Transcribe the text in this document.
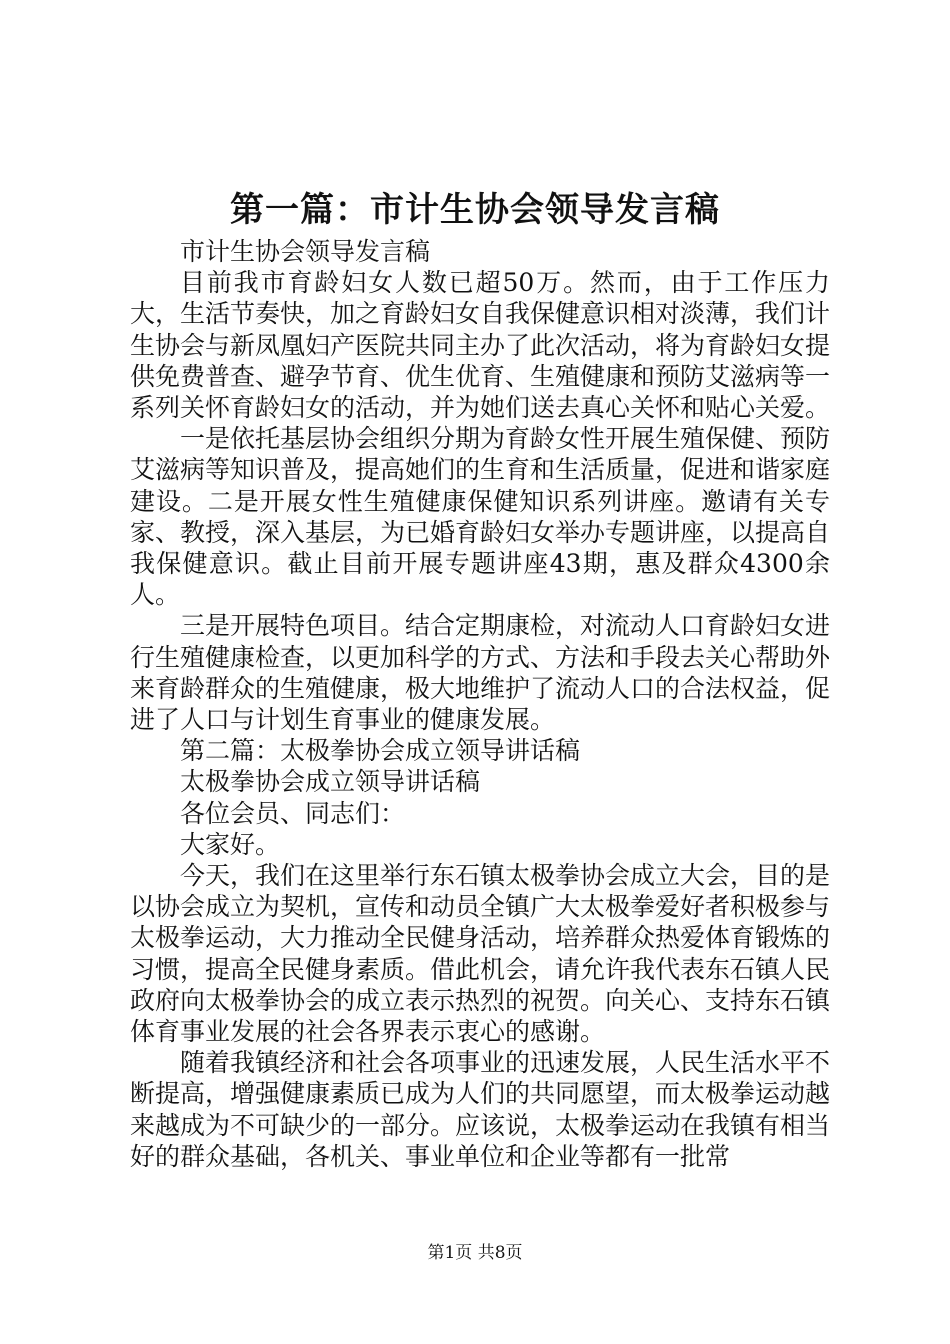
第一篇：市计生协会领导发言稿

市计生协会领导发言稿

目前我市育龄妇女人数已超50万。然而，由于工作压力大，生活节奏快，加之育龄妇女自我保健意识相对淡薄，我们计生协会与新凤凰妇产医院共同主办了此次活动，将为育龄妇女提供免费普查、避孕节育、优生优育、生殖健康和预防艾滋病等一系列关怀育龄妇女的活动，并为她们送去真心关怀和贴心关爱。

一是依托基层协会组织分期为育龄女性开展生殖保健、预防艾滋病等知识普及，提高她们的生育和生活质量，促进和谐家庭建设。二是开展女性生殖健康保健知识系列讲座。邀请有关专家、教授，深入基层，为已婚育龄妇女举办专题讲座，以提高自我保健意识。截止目前开展专题讲座43期，惠及群众4300余人。

三是开展特色项目。结合定期康检，对流动人口育龄妇女进行生殖健康检查，以更加科学的方式、方法和手段去关心帮助外来育龄群众的生殖健康，极大地维护了流动人口的合法权益，促进了人口与计划生育事业的健康发展。

第二篇：太极拳协会成立领导讲话稿

太极拳协会成立领导讲话稿

各位会员、同志们：

大家好。

今天，我们在这里举行东石镇太极拳协会成立大会，目的是以协会成立为契机，宣传和动员全镇广大太极拳爱好者积极参与太极拳运动，大力推动全民健身活动，培养群众热爱体育锻炼的习惯，提高全民健身素质。借此机会，请允许我代表东石镇人民政府向太极拳协会的成立表示热烈的祝贺。向关心、支持东石镇体育事业发展的社会各界表示衷心的感谢。

随着我镇经济和社会各项事业的迅速发展，人民生活水平不断提高，增强健康素质已成为人们的共同愿望，而太极拳运动越来越成为不可缺少的一部分。应该说，太极拳运动在我镇有相当好的群众基础，各机关、事业单位和企业等都有一批常

第1页 共8页
